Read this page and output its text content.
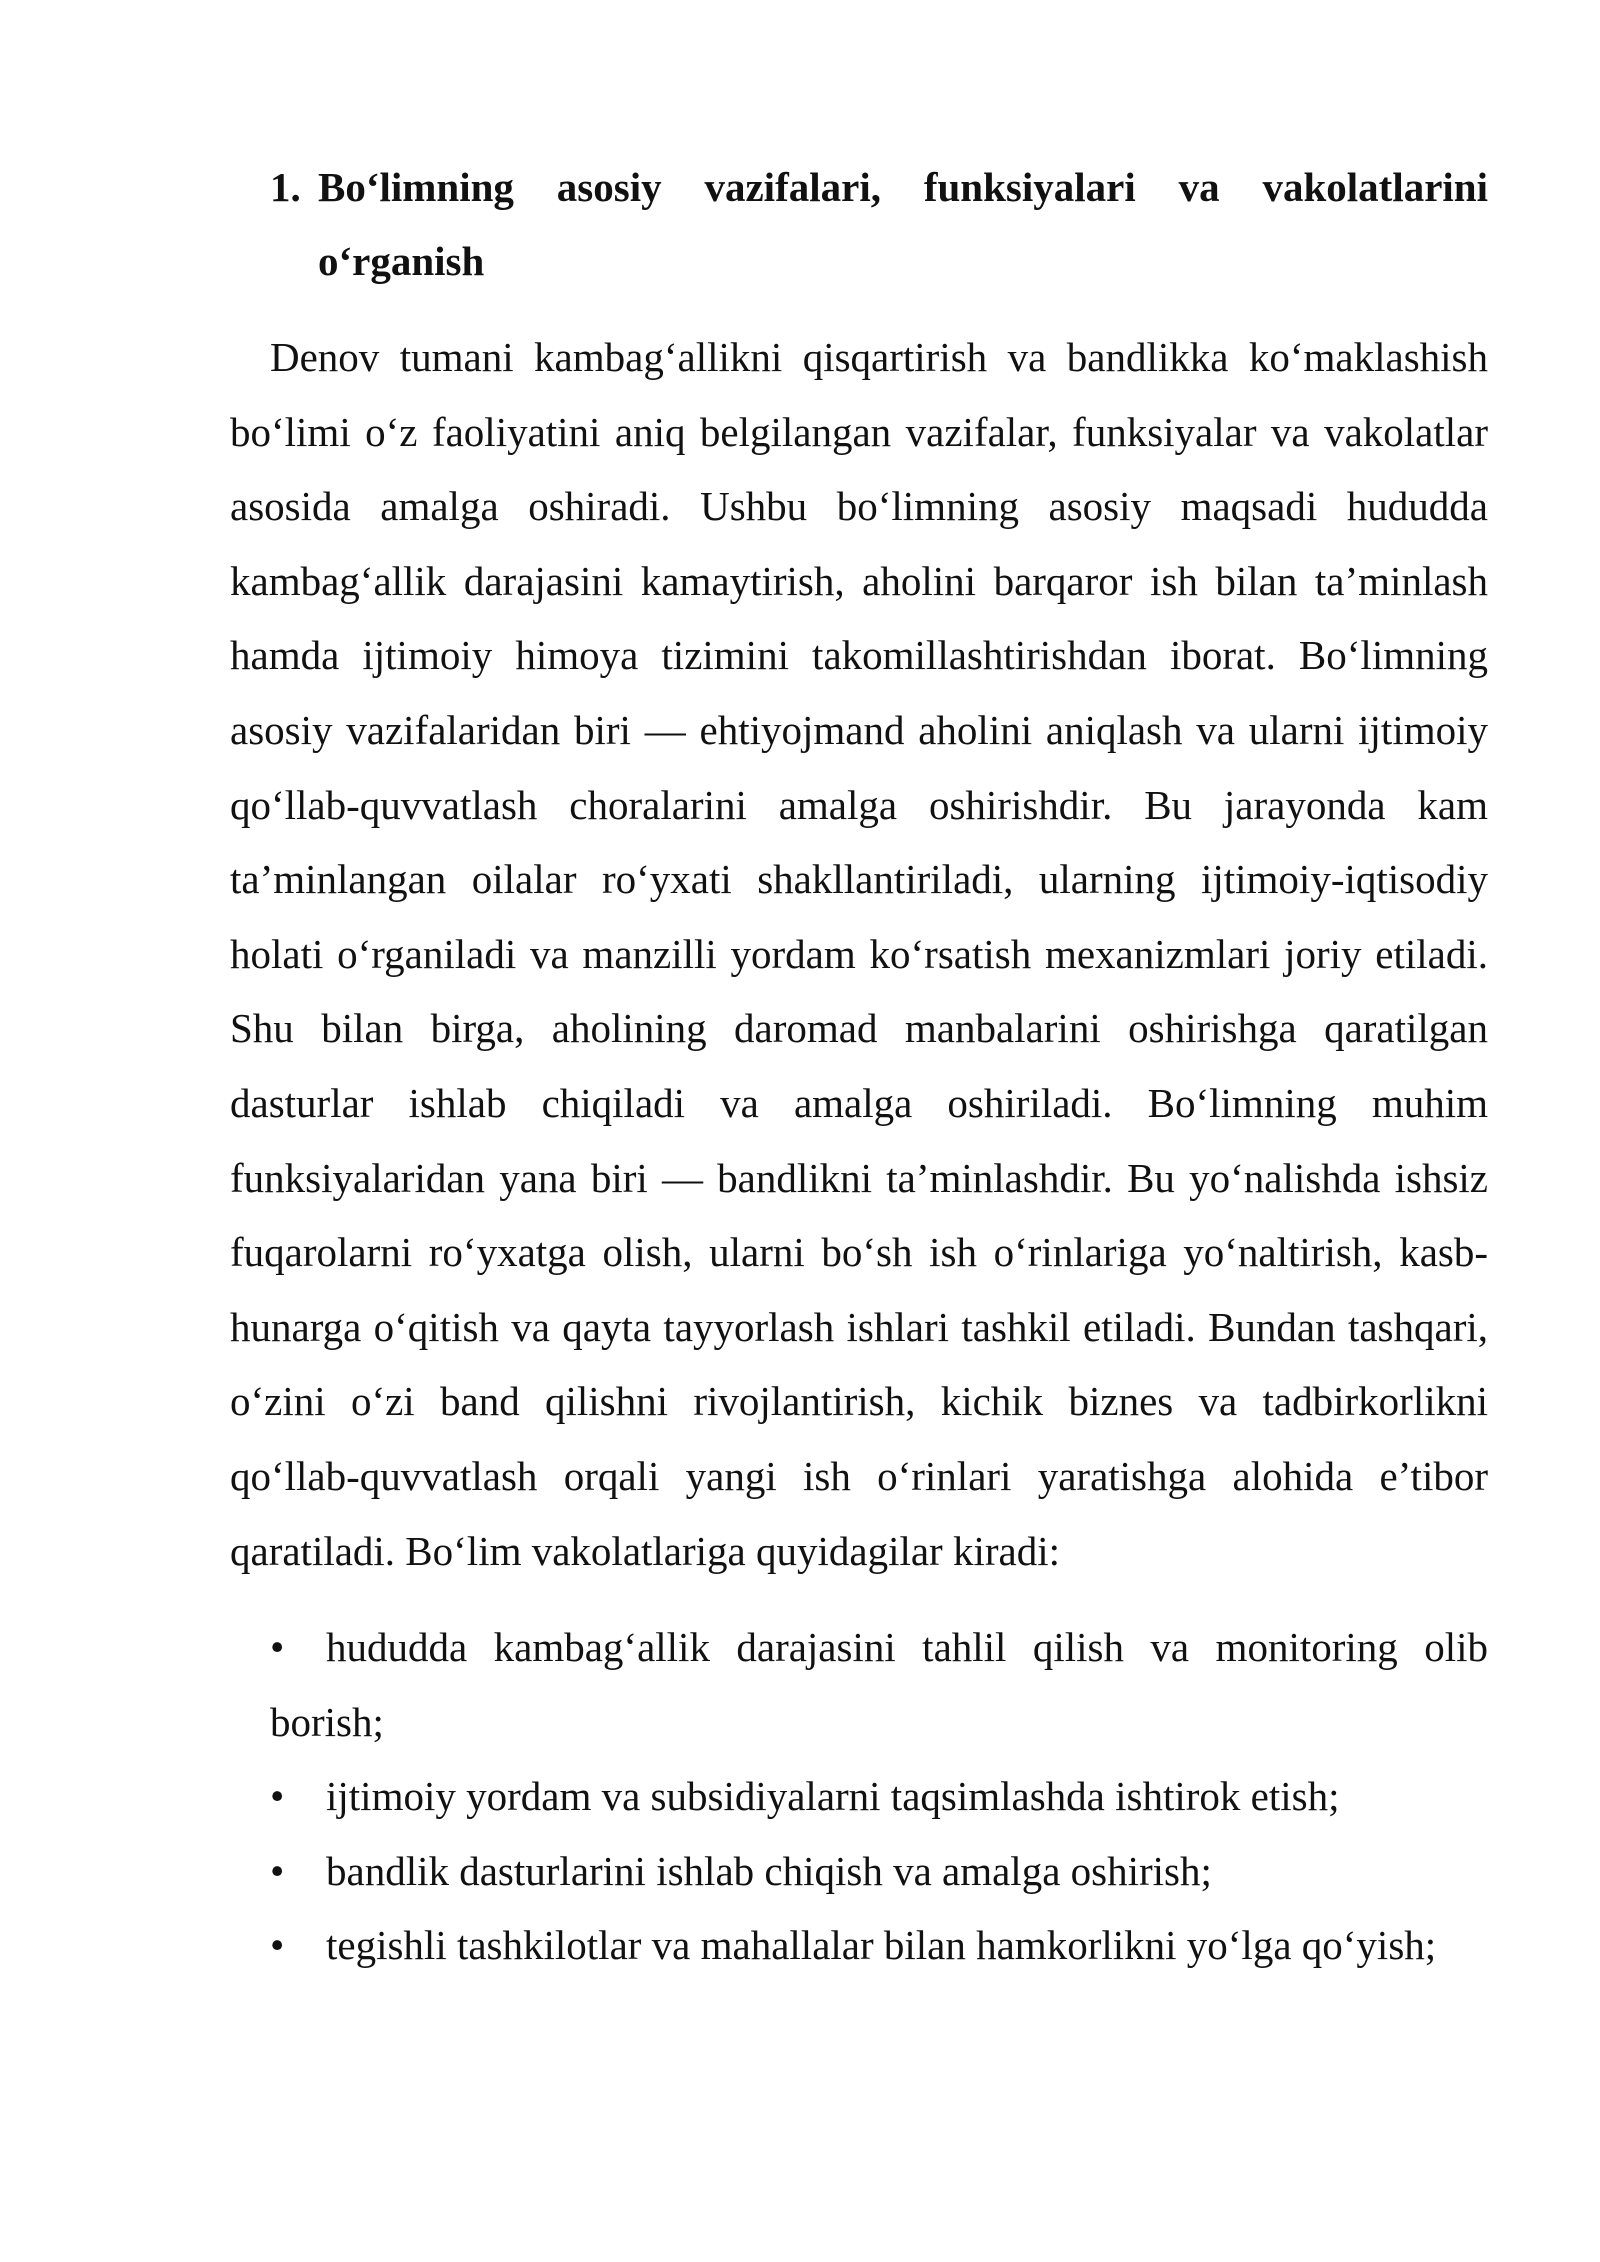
1. Bo‘limning asosiy vazifalari, funksiyalari va vakolatlarini o‘rganish

Denov tumani kambag‘allikni qisqartirish va bandlikka ko‘maklashish bo‘limi o‘z faoliyatini aniq belgilangan vazifalar, funksiyalar va vakolatlar asosida amalga oshiradi. Ushbu bo‘limning asosiy maqsadi hududda kambag‘allik darajasini kamaytirish, aholini barqaror ish bilan ta’minlash hamda ijtimoiy himoya tizimini takomillashtirishdan iborat. Bo‘limning asosiy vazifalaridan biri — ehtiyojmand aholini aniqlash va ularni ijtimoiy qo‘llab-quvvatlash choralarini amalga oshirishdir. Bu jarayonda kam ta’minlangan oilalar ro‘yxati shakllantiriladi, ularning ijtimoiy-iqtisodiy holati o‘rganiladi va manzilli yordam ko‘rsatish mexanizmlari joriy etiladi. Shu bilan birga, aholining daromad manbalarini oshirishga qaratilgan dasturlar ishlab chiqiladi va amalga oshiriladi. Bo‘limning muhim funksiyalaridan yana biri — bandlikni ta’minlashdir. Bu yo‘nalishda ishsiz fuqarolarni ro‘yxatga olish, ularni bo‘sh ish o‘rinlariga yo‘naltirish, kasb-hunarga o‘qitish va qayta tayyorlash ishlari tashkil etiladi. Bundan tashqari, o‘zini o‘zi band qilishni rivojlantirish, kichik biznes va tadbirkorlikni qo‘llab-quvvatlash orqali yangi ish o‘rinlari yaratishga alohida e’tibor qaratiladi. Bo‘lim vakolatlariga quyidagilar kiradi:

• hududda kambag‘allik darajasini tahlil qilish va monitoring olib borish;

• ijtimoiy yordam va subsidiyalarni taqsimlashda ishtirok etish;

• bandlik dasturlarini ishlab chiqish va amalga oshirish;

• tegishli tashkilotlar va mahallalar bilan hamkorlikni yo‘lga qo‘yish;
